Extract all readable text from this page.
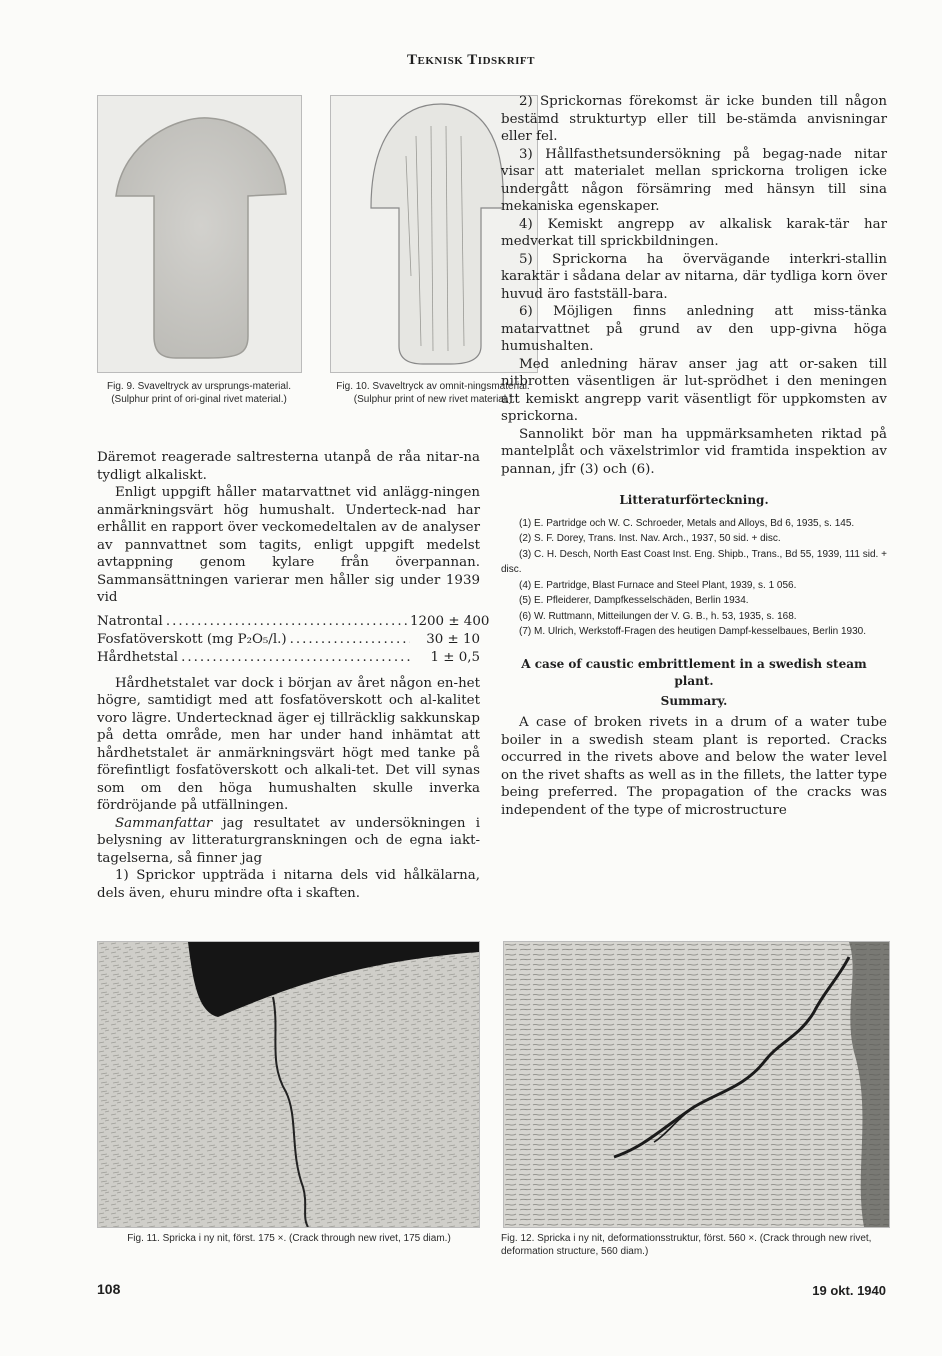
Teknisk Tidskrift
Fig. 9. Svaveltryck av ursprungs-material. (Sulphur print of ori-ginal rivet material.)
Fig. 10. Svaveltryck av omnit-ningsmaterial. (Sulphur print of new rivet material.)

Däremot reagerade saltresterna utanpå de råa nitar-na tydligt alkaliskt.

Enligt uppgift håller matarvattnet vid anlägg-ningen anmärkningsvärt hög humushalt. Underteck-nad har erhållit en rapport över veckomedeltalen av de analyser av pannvattnet som tagits, enligt uppgift medelst avtappning genom kylare från överpannan. Sammansättningen varierar men håller sig under 1939 vid

Natrontal .....	1200 ± 400
Fosfatöverskott (mg P₂O₅/l.) .....	30 ± 10
Hårdhetstal .....	1 ± 0,5

Hårdhetstalet var dock i början av året någon en-het högre, samtidigt med att fosfatöverskott och al-kalitet voro lägre. Undertecknad äger ej tillräcklig sakkunskap på detta område, men har under hand inhämtat att hårdhetstalet är anmärkningsvärt högt med tanke på förefintligt fosfatöverskott och alkali-tet. Det vill synas som om den höga humushalten skulle inverka fördröjande på utfällningen.

Sammanfattar jag resultatet av undersökningen i belysning av litteraturgranskningen och de egna iakt-tagelserna, så finner jag

1) Sprickor uppträda i nitarna dels vid hålkälarna, dels även, ehuru mindre ofta i skaften.

2) Sprickornas förekomst är icke bunden till någon bestämd strukturtyp eller till be-stämda anvisningar eller fel.

3) Hållfasthetsundersökning på begag-nade nitar visar att materialet mellan sprickorna troligen icke undergått någon försämring med hänsyn till sina mekaniska egenskaper.

4) Kemiskt angrepp av alkalisk karak-tär har medverkat till sprickbildningen.

5) Sprickorna ha övervägande interkri-stallin karaktär i sådana delar av nitarna, där tydliga korn över huvud äro fastställ-bara.

6) Möjligen finns anledning att miss-tänka matarvattnet på grund av den upp-givna höga humushalten.

Med anledning härav anser jag att or-saken till nitbrotten väsentligen är lut-sprödhet i den meningen att kemiskt angrepp varit väsentligt för uppkomsten av sprickorna.

Sannolikt bör man ha uppmärksamheten riktad på mantelplåt och växelstrimlor vid framtida inspektion av pannan, jfr (3) och (6).

Litteraturförteckning.

(1) E. Partridge och W. C. Schroeder, Metals and Alloys, Bd 6, 1935, s. 145.

(2) S. F. Dorey, Trans. Inst. Nav. Arch., 1937, 50 sid. + disc.

(3) C. H. Desch, North East Coast Inst. Eng. Shipb., Trans., Bd 55, 1939, 111 sid. + disc.

(4) E. Partridge, Blast Furnace and Steel Plant, 1939, s. 1 056.

(5) E. Pfleiderer, Dampfkesselschäden, Berlin 1934.

(6) W. Ruttmann, Mitteilungen der V. G. B., h. 53, 1935, s. 168.

(7) M. Ulrich, Werkstoff-Fragen des heutigen Dampf-kesselbaues, Berlin 1930.

A case of caustic embrittlement in a swedish steam plant.
Summary.

A case of broken rivets in a drum of a water tube boiler in a swedish steam plant is reported. Cracks occurred in the rivets above and below the water level on the rivet shafts as well as in the fillets, the latter type being preferred. The propagation of the cracks was independent of the type of microstructure

Fig. 11. Spricka i ny nit, först. 175 ×. (Crack through new rivet, 175 diam.)	Fig. 12. Spricka i ny nit, deformationsstruktur, först. 560 ×. (Crack through new rivet, deformation structure, 560 diam.)
108	19 okt. 1940
